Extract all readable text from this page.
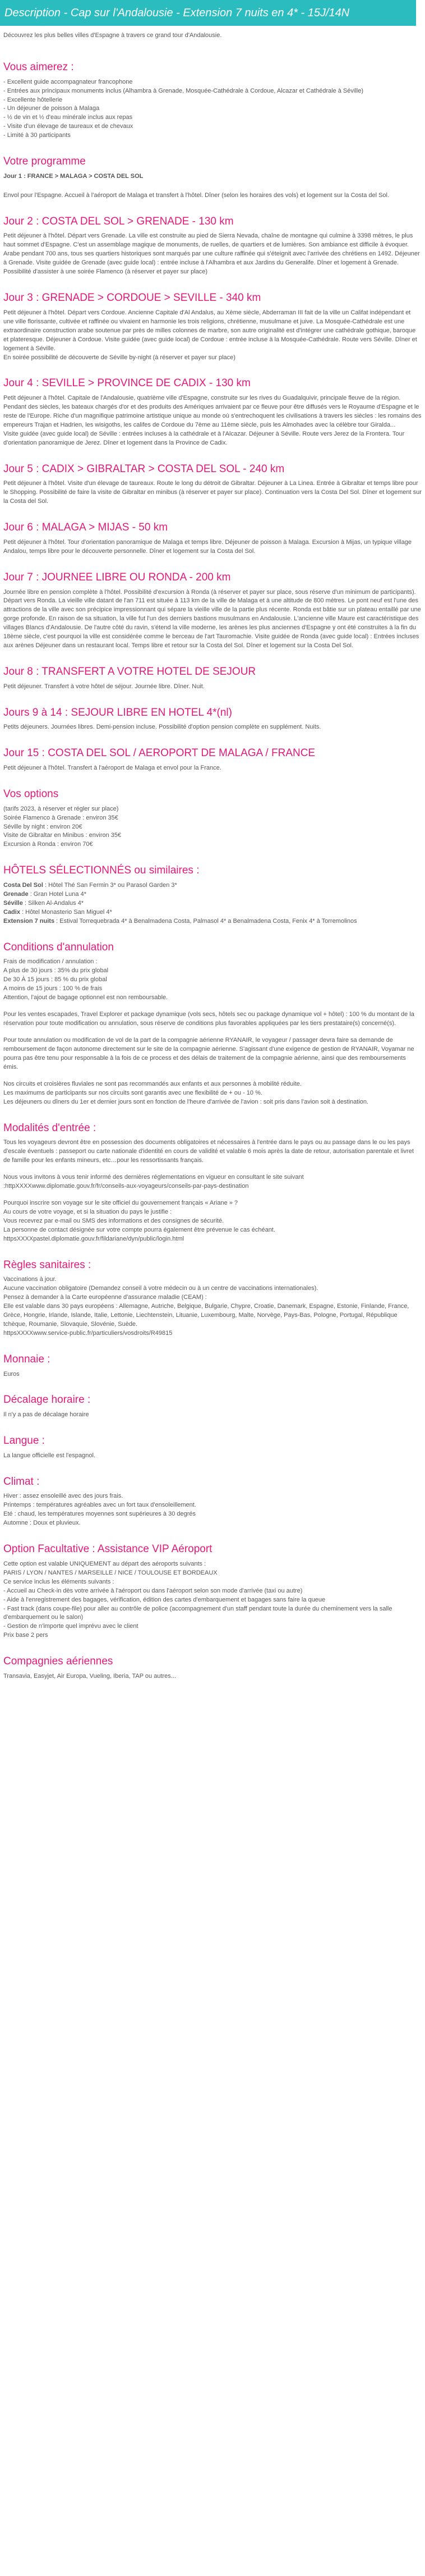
Description - Cap sur l'Andalousie - Extension 7 nuits en 4* - 15J/14N

Découvrez les plus belles villes d'Espagne à travers ce grand tour d'Andalousie.

Vous aimerez :
- Excellent guide accompagnateur francophone
- Entrées aux principaux monuments inclus (Alhambra à Grenade, Mosquée-Cathédrale à Cordoue, Alcazar et Cathédrale à Séville)
- Excellente hôtellerie
- Un déjeuner de poisson à Malaga
- ½ de vin et ½ d'eau minérale inclus aux repas
- Visite d'un élevage de taureaux et de chevaux
- Limité à 30 participants
Votre programme

Jour 1 : FRANCE > MALAGA > COSTA DEL SOL

Envol pour l'Espagne. Accueil à l'aéroport de Malaga et transfert à l'hôtel. Dîner (selon les horaires des vols) et logement sur la Costa del Sol.

Jour 2 : COSTA DEL SOL > GRENADE - 130 km

Petit déjeuner à l'hôtel. Départ vers Grenade. La ville est construite au pied de Sierra Nevada, chaîne de montagne qui culmine à 3398 mètres, le plus haut sommet d'Espagne. C'est un assemblage magique de monuments, de ruelles, de quartiers et de lumières. Son ambiance est difficile à évoquer. Arabe pendant 700 ans, tous ses quartiers historiques sont marqués par une culture raffinée qui s'éteignit avec l'arrivée des chrétiens en 1492. Déjeuner à Grenade. Visite guidée de Grenade (avec guide local) : entrée incluse à l'Alhambra et aux Jardins du Generalife. Dîner et logement à Grenade. Possibilité d'assister à une soirée Flamenco (à réserver et payer sur place)

Jour 3 : GRENADE > CORDOUE > SEVILLE - 340 km

Petit déjeuner à l'hôtel. Départ vers Cordoue. Ancienne Capitale d'Al Andalus, au Xème siècle, Abderraman III fait de la ville un Califat indépendant et une ville florissante, cultivée et raffinée ou vivaient en harmonie les trois religions, chrétienne, musulmane et juive. La Mosquée-Cathédrale est une extraordinaire construction arabe soutenue par près de milles colonnes de marbre, son autre originalité est d'intégrer une cathédrale gothique, baroque et plateresque. Déjeuner à Cordoue. Visite guidée (avec guide local) de Cordoue : entrée incluse à la Mosquée-Cathédrale. Route vers Séville. Dîner et logement à Séville.
En soirée possibilité de découverte de Séville by-night (à réserver et payer sur place)

Jour 4 : SEVILLE > PROVINCE DE CADIX - 130 km

Petit déjeuner à l'hôtel. Capitale de l'Andalousie, quatrième ville d'Espagne, construite sur les rives du Guadalquivir, principale fleuve de la région. Pendant des siècles, les bateaux chargés d'or et des produits des Amériques arrivaient par ce fleuve pour être diffusés vers le Royaume d'Espagne et le reste de l'Europe. Riche d'un magnifique patrimoine artistique unique au monde où s'entrechoquent les civilisations à travers les siècles : les romains des empereurs Trajan et Hadrien, les wisigoths, les califes de Cordoue du 7ème au 11ème siècle, puis les Almohades avec la célèbre tour Giralda...
Visite guidée (avec guide local) de Séville : entrées incluses à la cathédrale et à l'Alcazar. Déjeuner à Séville. Route vers Jerez de la Frontera. Tour d'orientation panoramique de Jerez. Dîner et logement dans la Province de Cadix.

Jour 5 : CADIX > GIBRALTAR > COSTA DEL SOL - 240 km

Petit déjeuner à l'hôtel. Visite d'un élevage de taureaux. Route le long du détroit de Gibraltar. Déjeuner à La Linea. Entrée à Gibraltar et temps libre pour le Shopping. Possibilité de faire la visite de Gibraltar en minibus (à réserver et payer sur place). Continuation vers la Costa Del Sol. Dîner et logement sur la Costa del Sol.

Jour 6 : MALAGA > MIJAS - 50 km

Petit déjeuner à l'hôtel. Tour d'orientation panoramique de Malaga et temps libre. Déjeuner de poisson à Malaga. Excursion à Mijas, un typique village Andalou, temps libre pour le découverte personnelle. Dîner et logement sur la Costa del Sol.

Jour 7 : JOURNEE LIBRE OU RONDA - 200 km

Journée libre en pension complète à l'hôtel. Possibilité d'excursion à Ronda (à réserver et payer sur place, sous réserve d'un minimum de participants). Départ vers Ronda. La vieille ville datant de l'an 711 est située à 113 km de la ville de Malaga et à une altitude de 800 mètres. Le pont neuf est l'une des attractions de la ville avec son précipice impressionnant qui sépare la vieille ville de la partie plus récente. Ronda est bâtie sur un plateau entaillé par une gorge profonde. En raison de sa situation, la ville fut l'un des derniers bastions musulmans en Andalousie. L'ancienne ville Maure est caractéristique des villages Blancs d'Andalousie. De l'autre côté du ravin, s'étend la ville moderne, les arènes les plus anciennes d'Espagne y ont été construites à la fin du 18ème siècle, c'est pourquoi la ville est considérée comme le berceau de l'art Tauromachie. Visite guidée de Ronda (avec guide local) : Entrées incluses aux arènes Déjeuner dans un restaurant local. Temps libre et retour sur la Costa del Sol. Dîner et logement sur la Costa Del Sol.

Jour 8 : TRANSFERT A VOTRE HOTEL DE SEJOUR

Petit déjeuner. Transfert à votre hôtel de séjour. Journée libre. Dîner. Nuit.

Jours 9 à 14 : SEJOUR LIBRE EN HOTEL 4*(nl)

Petits déjeuners. Journées libres. Demi-pension incluse. Possibilité d'option pension complète en supplément. Nuits.

Jour 15 : COSTA DEL SOL / AEROPORT DE MALAGA / FRANCE

Petit déjeuner à l'hôtel. Transfert à l'aéroport de Malaga et envol pour la France.

Vos options
(tarifs 2023, à réserver et régler sur place)
Soirée Flamenco à Grenade : environ 35€
Séville by night : environ 20€
Visite de Gibraltar en Minibus : environ 35€
Excursion à Ronda : environ 70€
HÔTELS SÉLECTIONNÉS ou similaires :
Costa Del Sol : Hôtel Thé San Fermin 3* ou Parasol Garden 3*
Grenade : Gran Hotel Luna 4*
Séville : Silken Al-Andalus 4*
Cadix : Hôtel Monasterio San Miguel 4*
Extension 7 nuits : Estival Torrequebrada 4* à Benalmadena Costa, Palmasol 4* a Benalmadena Costa, Fenix 4* à Torremolinos
Conditions d'annulation

Frais de modification / annulation :
A plus de 30 jours : 35% du prix global
De 30 À 15 jours : 85 % du prix global
A moins de 15 jours : 100 % de frais
Attention, l'ajout de bagage optionnel est non remboursable.

Pour les ventes escapades, Travel Explorer et package dynamique (vols secs, hôtels sec ou package dynamique vol + hôtel) : 100 % du montant de la réservation pour toute modification ou annulation, sous réserve de conditions plus favorables appliquées par les tiers prestataire(s) concerné(s).

Pour toute annulation ou modification de vol de la part de la compagnie aérienne RYANAIR, le voyageur / passager devra faire sa demande de remboursement de façon autonome directement sur le site de la compagnie aérienne. S'agissant d'une exigence de gestion de RYANAIR, Voyamar ne pourra pas être tenu pour responsable à la fois de ce process et des délais de traitement de la compagnie aérienne, ainsi que des remboursements émis.

Nos circuits et croisières fluviales ne sont pas recommandés aux enfants et aux personnes à mobilité réduite.
Les maximums de participants sur nos circuits sont garantis avec une flexibilité de + ou - 10 %.
Les déjeuners ou dîners du 1er et dernier jours sont en fonction de l'heure d'arrivée de l'avion : soit pris dans l'avion soit à destination.

Modalités d'entrée :

Tous les voyageurs devront être en possession des documents obligatoires et nécessaires à l'entrée dans le pays ou au passage dans le ou les pays d'escale éventuels : passeport ou carte nationale d'identité en cours de validité et valable 6 mois après la date de retour, autorisation parentale et livret de famille pour les enfants mineurs, etc…pour les ressortissants français.

Nous vous invitons à vous tenir informé des dernières réglementations en vigueur en consultant le site suivant :httpXXXXwww.diplomatie.gouv.fr/fr/conseils-aux-voyageurs/conseils-par-pays-destination

Pourquoi inscrire son voyage sur le site officiel du gouvernement français « Ariane » ?
Au cours de votre voyage, et si la situation du pays le justifie :
Vous recevrez par e-mail ou SMS des informations et des consignes de sécurité.
La personne de contact désignée sur votre compte pourra également être prévenue le cas échéant.
httpsXXXXpastel.diplomatie.gouv.fr/fildariane/dyn/public/login.html

Règles sanitaires :

Vaccinations à jour.
Aucune vaccination obligatoire (Demandez conseil à votre médecin ou à un centre de vaccinations internationales).
Pensez à demander à la Carte européenne d'assurance maladie (CEAM) :
Elle est valable dans 30 pays européens : Allemagne, Autriche, Belgique, Bulgarie, Chypre, Croatie, Danemark, Espagne, Estonie, Finlande, France, Grèce, Hongrie, Irlande, Islande, Italie, Lettonie, Liechtenstein, Lituanie, Luxembourg, Malte, Norvège, Pays-Bas, Pologne, Portugal, République tchèque, Roumanie, Slovaquie, Slovénie, Suède.
httpsXXXXwww.service-public.fr/particuliers/vosdroits/R49815

Monnaie :

Euros

Décalage horaire :

Il n'y a pas de décalage horaire

Langue :

La langue officielle est l'espagnol.

Climat :

Hiver : assez ensoleillé avec des jours frais.
Printemps : températures agréables avec un fort taux d'ensoleillement.
Eté : chaud, les températures moyennes sont supérieures à 30 degrés
Automne : Doux et pluvieux.

Option Facultative : Assistance VIP Aéroport

Cette option est valable UNIQUEMENT au départ des aéroports suivants :
PARIS / LYON / NANTES / MARSEILLE / NICE / TOULOUSE ET BORDEAUX
Ce service inclus les éléments suivants :
- Accueil au Check-in dès votre arrivée à l'aéroport ou dans l'aéroport selon son mode d'arrivée (taxi ou autre)
- Aide à l'enregistrement des bagages, vérification, édition des cartes d'embarquement et bagages sans faire la queue
- Fast track (dans coupe-file) pour aller au contrôle de police (accompagnement d'un staff pendant toute la durée du cheminement vers la salle d'embarquement ou le salon)
- Gestion de n'importe quel imprévu avec le client
Prix base 2 pers

Compagnies aériennes

Transavia, Easyjet, Air Europa, Vueling, Iberia, TAP ou autres...
